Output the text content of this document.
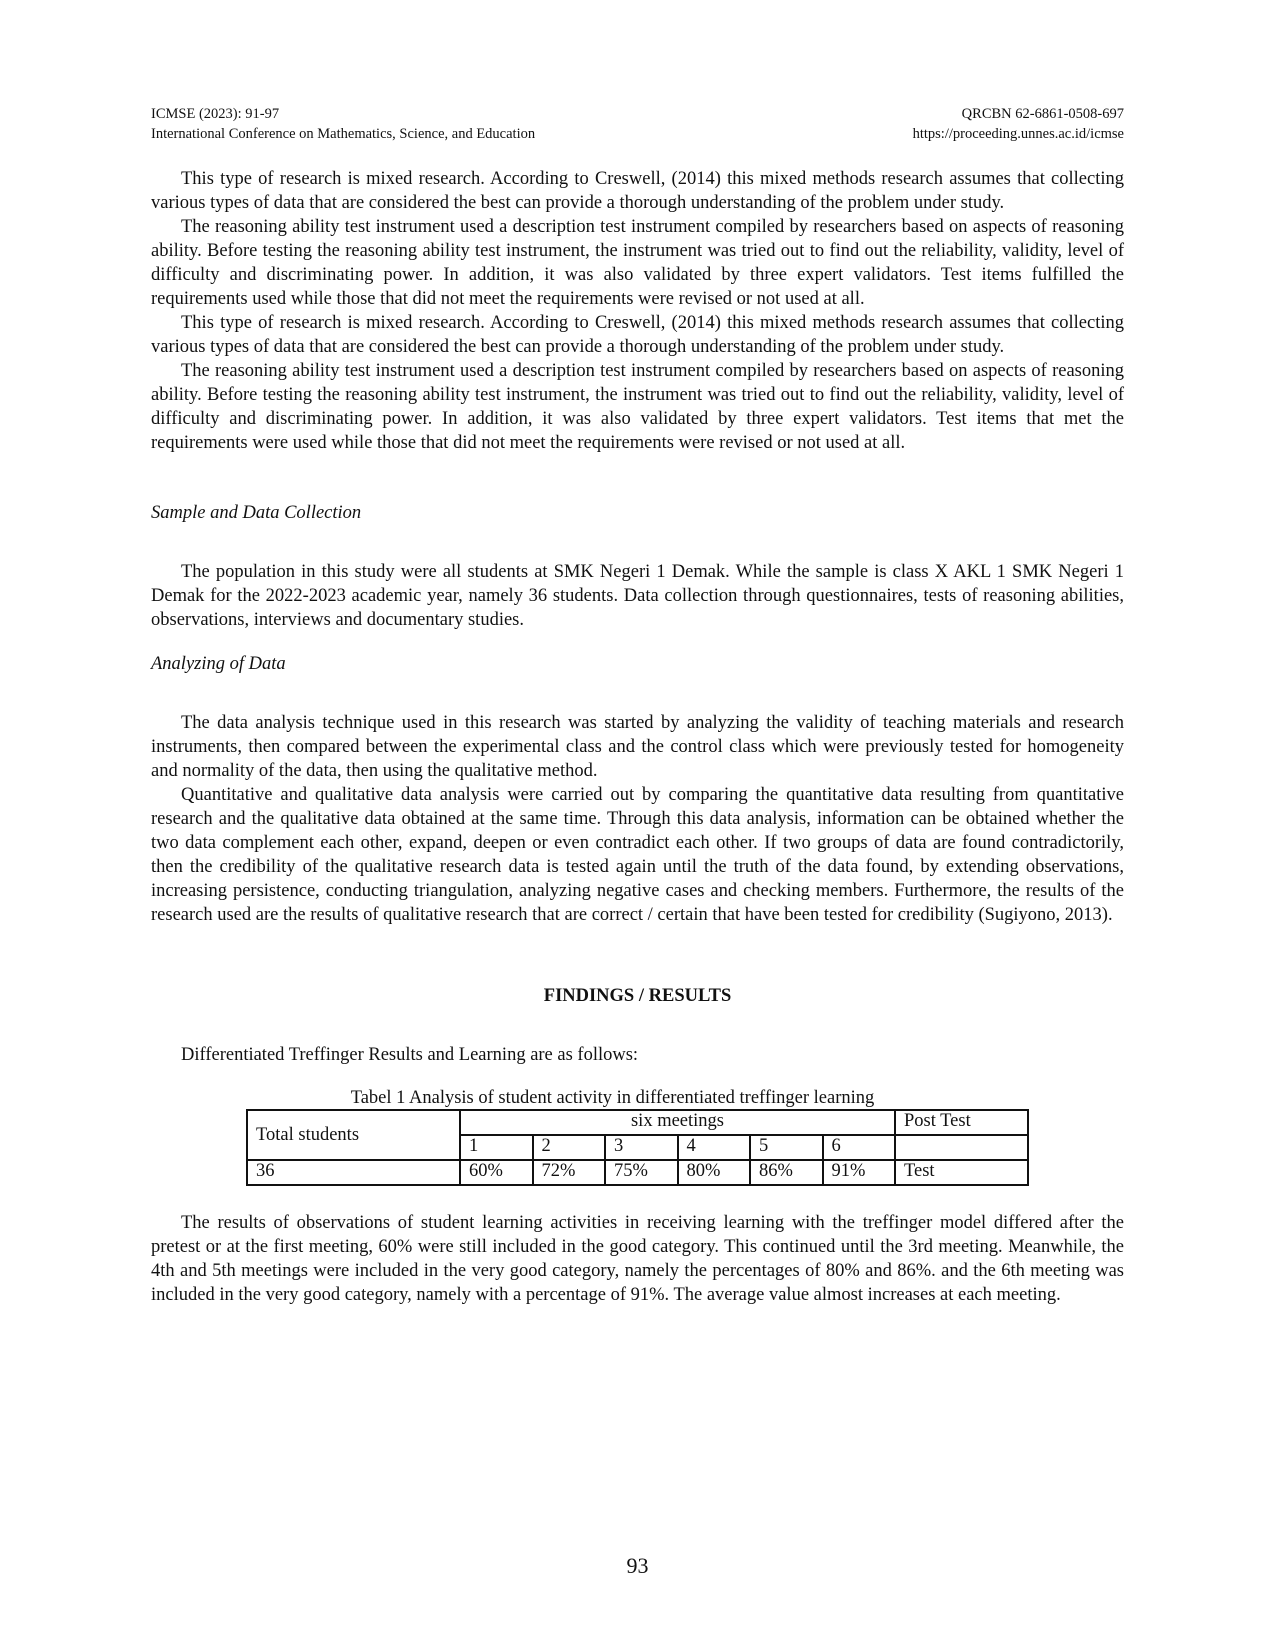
ICMSE (2023): 91-97
International Conference on Mathematics, Science, and Education
QRCBN 62-6861-0508-697
https://proceeding.unnes.ac.id/icmse

This type of research is mixed research. According to Creswell, (2014) this mixed methods research assumes that collecting various types of data that are considered the best can provide a thorough understanding of the problem under study.

The reasoning ability test instrument used a description test instrument compiled by researchers based on aspects of reasoning ability. Before testing the reasoning ability test instrument, the instrument was tried out to find out the reliability, validity, level of difficulty and discriminating power. In addition, it was also validated by three expert validators. Test items fulfilled the requirements used while those that did not meet the requirements were revised or not used at all.

This type of research is mixed research. According to Creswell, (2014) this mixed methods research assumes that collecting various types of data that are considered the best can provide a thorough understanding of the problem under study.

The reasoning ability test instrument used a description test instrument compiled by researchers based on aspects of reasoning ability. Before testing the reasoning ability test instrument, the instrument was tried out to find out the reliability, validity, level of difficulty and discriminating power. In addition, it was also validated by three expert validators. Test items that met the requirements were used while those that did not meet the requirements were revised or not used at all.

Sample and Data Collection

The population in this study were all students at SMK Negeri 1 Demak. While the sample is class X AKL 1 SMK Negeri 1 Demak for the 2022-2023 academic year, namely 36 students. Data collection through questionnaires, tests of reasoning abilities, observations, interviews and documentary studies.

Analyzing of Data

The data analysis technique used in this research was started by analyzing the validity of teaching materials and research instruments, then compared between the experimental class and the control class which were previously tested for homogeneity and normality of the data, then using the qualitative method.

Quantitative and qualitative data analysis were carried out by comparing the quantitative data resulting from quantitative research and the qualitative data obtained at the same time. Through this data analysis, information can be obtained whether the two data complement each other, expand, deepen or even contradict each other. If two groups of data are found contradictorily, then the credibility of the qualitative research data is tested again until the truth of the data found, by extending observations, increasing persistence, conducting triangulation, analyzing negative cases and checking members. Furthermore, the results of the research used are the results of qualitative research that are correct / certain that have been tested for credibility (Sugiyono, 2013).

FINDINGS / RESULTS

Differentiated Treffinger Results and Learning are as follows:

Tabel 1 Analysis of student activity in differentiated treffinger learning

Total students	six meetings						Post Test
	1	2	3	4	5	6	
36	60%	72%	75%	80%	86%	91%	Test

The results of observations of student learning activities in receiving learning with the treffinger model differed after the pretest or at the first meeting, 60% were still included in the good category. This continued until the 3rd meeting. Meanwhile, the 4th and 5th meetings were included in the very good category, namely the percentages of 80% and 86%. and the 6th meeting was included in the very good category, namely with a percentage of 91%. The average value almost increases at each meeting.

93
